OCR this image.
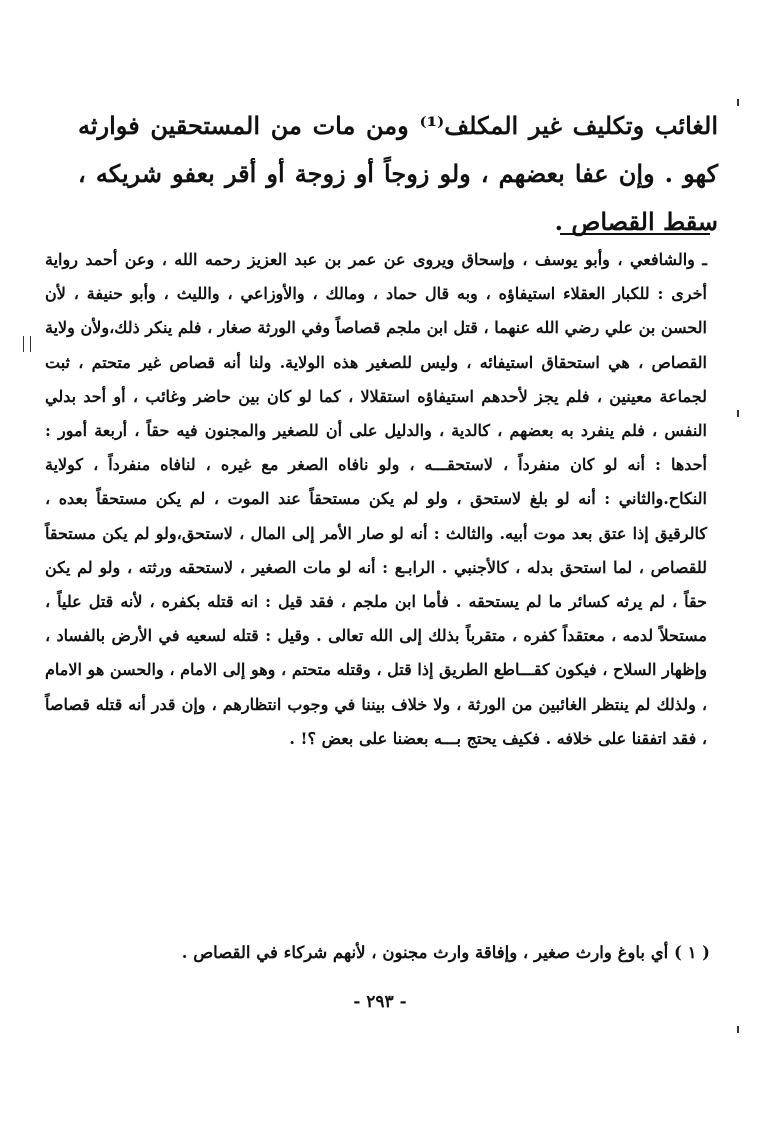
الغائب وتكليف غير المكلف⁽¹⁾ ومن مات من المستحقين فوارثه كهو . وإن عفا بعضهم ، ولو زوجاً أو زوجة أو أقر بعفو شريكه ، سقط القصاص .

ـ والشافعي ، وأبو يوسف ، وإسحاق ويروى عن عمر بن عبد العزيز رحمه الله ، وعن أحمد رواية أخرى : للكبار العقلاء استيفاؤه ، وبه قال حماد ، ومالك ، والأوزاعي ، والليث ، وأبو حنيفة ، لأن الحسن بن علي رضي الله عنهما ، قتل ابن ملجم قصاصاً وفي الورثة صغار ، فلم ينكر ذلك،ولأن ولاية القصاص ، هي استحقاق استيفائه ، وليس للصغير هذه الولاية. ولنا أنه قصاص غير متحتم ، ثبت لجماعة معينين ، فلم يجز لأحدهم استيفاؤه استقلالا ، كما لو كان بين حاضر وغائب ، أو أحد بدلي النفس ، فلم ينفرد به بعضهم ، كالدية ، والدليل على أن للصغير والمجنون فيه حقاً ، أربعة أمور : أحدها : أنه لو كان منفرداً ، لاستحقـــه ، ولو نافاه الصغر مع غيره ، لنافاه منفرداً ، كولاية النكاح.والثاني : أنه لو بلغ لاستحق ، ولو لم يكن مستحقاً عند الموت ، لم يكن مستحقاً بعده ، كالرقيق إذا عتق بعد موت أبيه. والثالث : أنه لو صار الأمر إلى المال ، لاستحق،ولو لم يكن مستحقاً للقصاص ، لما استحق بدله ، كالأجنبي . الرابـع : أنه لو مات الصغير ، لاستحقه ورثته ، ولو لم يكن حقاً ، لم يرثه كسائر ما لم يستحقه . فأما ابن ملجم ، فقد قيل : انه قتله بكفره ، لأنه قتل علياً ، مستحلاً لدمه ، معتقداً كفره ، متقرباً بذلك إلى الله تعالى . وقيل : قتله لسعيه في الأرض بالفساد ، وإظهار السلاح ، فيكون كقـــاطع الطريق إذا قتل ، وقتله متحتم ، وهو إلى الامام ، والحسن هو الامام ، ولذلك لم ينتظر الغائبين من الورثة ، ولا خلاف بيننا في وجوب انتظارهم ، وإن قدر أنه قتله قصاصاً ، فقد اتفقنا على خلافه . فكيف يحتج بـــه بعضنا على بعض ؟! .

( ١ ) أي باوغ وارث صغير ، وإفاقة وارث مجنون ، لأنهم شركاء في القصاص .
- ٢٩٣ -
